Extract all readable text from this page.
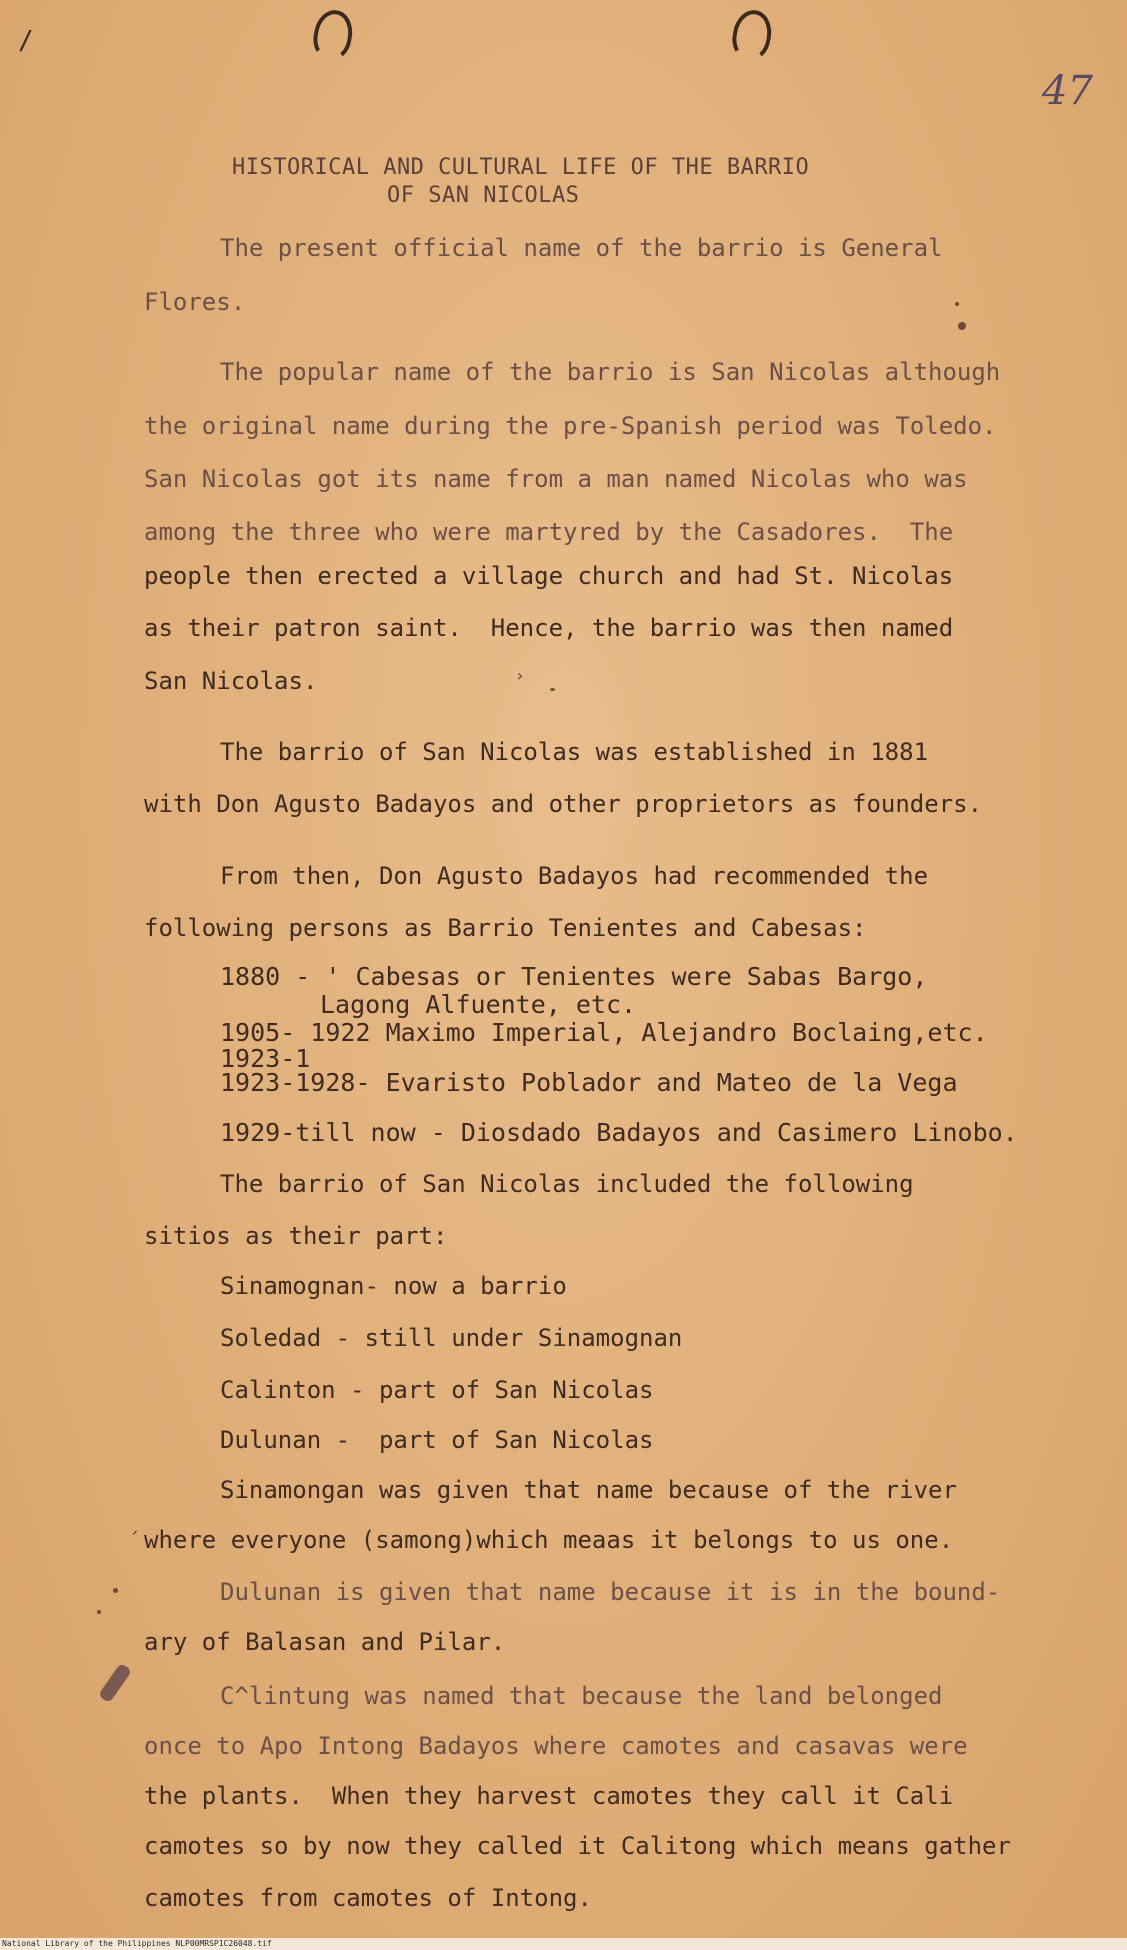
/
47
HISTORICAL AND CULTURAL LIFE OF THE BARRIO
OF SAN NICOLAS
The present official name of the barrio is General
Flores.
The popular name of the barrio is San Nicolas although
the original name during the pre-Spanish period was Toledo.
San Nicolas got its name from a man named Nicolas who was
among the three who were martyred by the Casadores.  The
people then erected a village church and had St. Nicolas
as their patron saint.  Hence, the barrio was then named
San Nicolas.
The barrio of San Nicolas was established in 1881
with Don Agusto Badayos and other proprietors as founders.
From then, Don Agusto Badayos had recommended the
following persons as Barrio Tenientes and Cabesas:
1880 - ' Cabesas or Tenientes were Sabas Bargo,
Lagong Alfuente, etc.
1905- 1922 Maximo Imperial, Alejandro Boclaing,etc.
1923-1
1923-1928- Evaristo Poblador and Mateo de la Vega
1929-till now - Diosdado Badayos and Casimero Linobo.
The barrio of San Nicolas included the following
sitios as their part:
Sinamognan- now a barrio
Soledad - still under Sinamognan
Calinton - part of San Nicolas
Dulunan -  part of San Nicolas
Sinamongan was given that name because of the river
where everyone (samong)which meaas it belongs to us one.
Dulunan is given that name because it is in the bound-
ary of Balasan and Pilar.
C^lintung was named that because the land belonged
once to Apo Intong Badayos where camotes and casavas were
the plants.  When they harvest camotes they call it Cali
camotes so by now they called it Calitong which means gather
camotes from camotes of Intong.
´
›
National Library of the Philippines NLP00MRSP1C26048.tif
